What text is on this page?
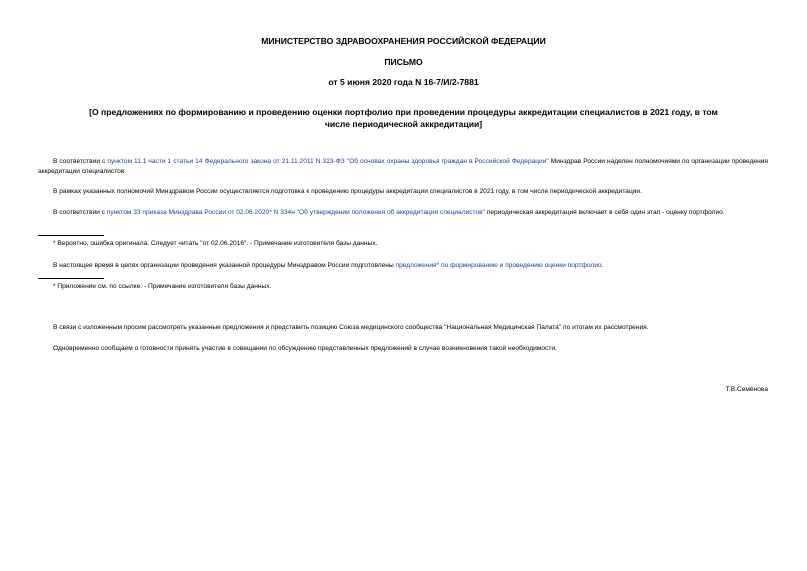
МИНИСТЕРСТВО ЗДРАВООХРАНЕНИЯ РОССИЙСКОЙ ФЕДЕРАЦИИ
ПИСЬМО
от 5 июня 2020 года N 16-7/И/2-7881
[О предложениях по формированию и проведению оценки портфолио при проведении процедуры аккредитации специалистов в 2021 году, в том числе периодической аккредитации]
В соответствии с пунктом 11.1 части 1 статьи 14 Федерального закона от 21.11.2011 N 323-ФЗ "Об основах охраны здоровья граждан в Российской Федерации" Минздрав России наделен полномочиями по организации проведения аккредитации специалистов.
В рамках указанных полномочий Минздравом России осуществляется подготовка к проведению процедуры аккредитации специалистов в 2021 году, в том числе периодической аккредитации.
В соответствии с пунктом 33 приказа Минздрава России от 02.06.2020* N 334н "Об утверждении положения об аккредитации специалистов" периодическая аккредитация включает в себя один этап - оценку портфолио.
* Вероятно, ошибка оригинала. Следует читать "от 02.06.2016". - Примечание изготовителя базы данных.
В настоящее время в целях организации проведения указанной процедуры Минздравом России подготовлены предложения* по формированию и проведению оценки портфолио.
* Приложение см. по ссылке. - Примечание изготовителя базы данных.
В связи с изложенным просим рассмотреть указанные предложения и представить позицию Союза медицинского сообщества "Национальная Медицинская Палата" по итогам их рассмотрения.
Одновременно сообщаем о готовности принять участие в совещании по обсуждению представленных предложений в случае возникновения такой необходимости.
Т.В.Семёнова
